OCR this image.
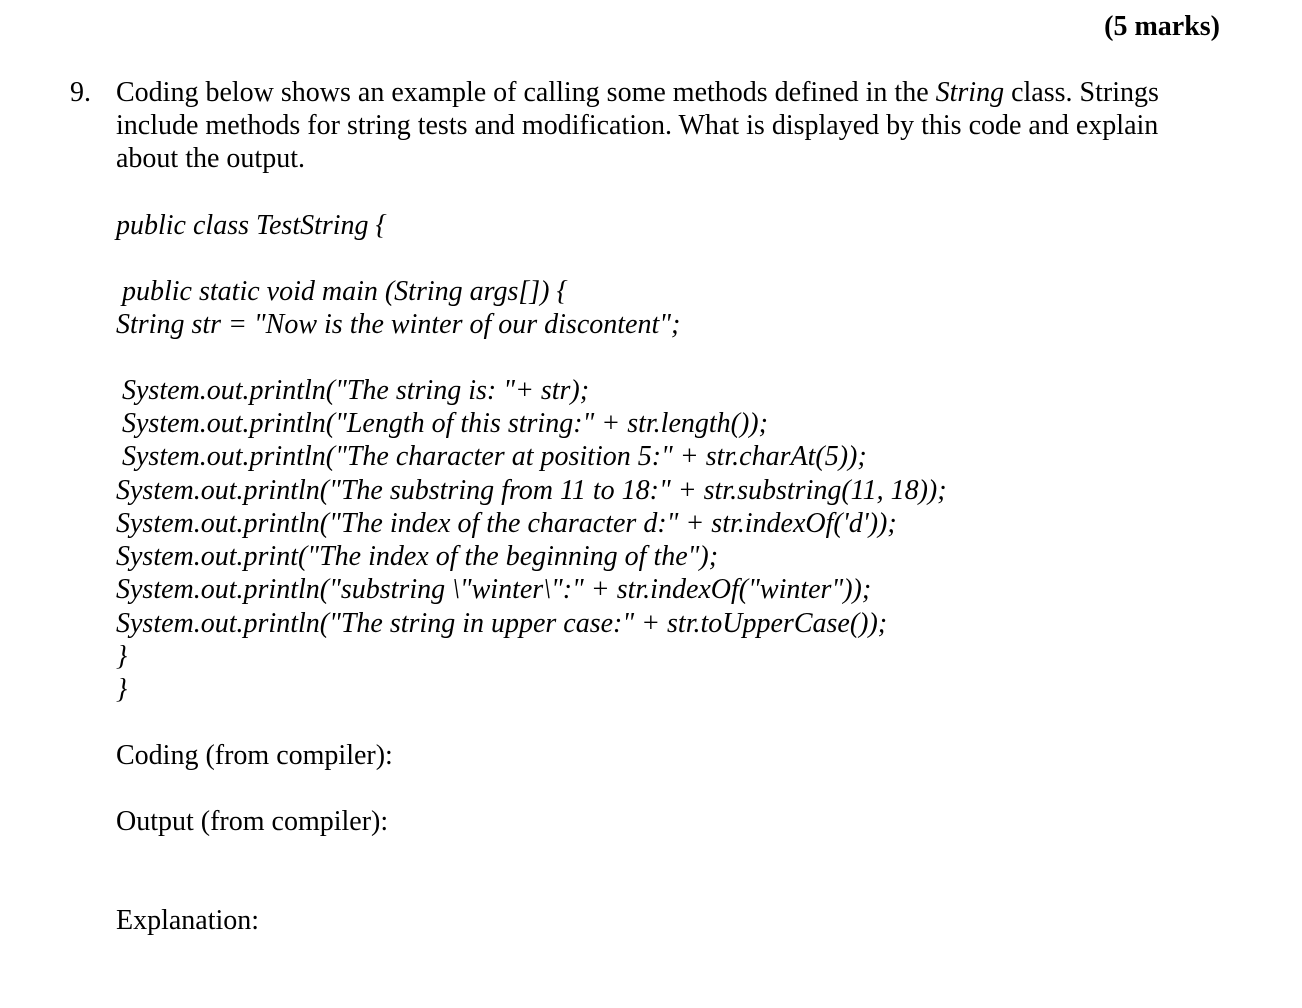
(5 marks)
9. Coding below shows an example of calling some methods defined in the String class. Strings include methods for string tests and modification. What is displayed by this code and explain about the output.

public class TestString {
public static void main (String args[]) {
String str = "Now is the winter of our discontent";
System.out.println("The string is: "+ str);
System.out.println("Length of this string:" + str.length());
System.out.println("The character at position 5:" + str.charAt(5));
System.out.println("The substring from 11 to 18:" + str.substring(11, 18));
System.out.println("The index of the character d:" + str.indexOf('d'));
System.out.print("The index of the beginning of the");
System.out.println("substring \"winter\":" + str.indexOf("winter"));
System.out.println("The string in upper case:" + str.toUpperCase());
}
}
Coding (from compiler):
Output (from compiler):
Explanation:
